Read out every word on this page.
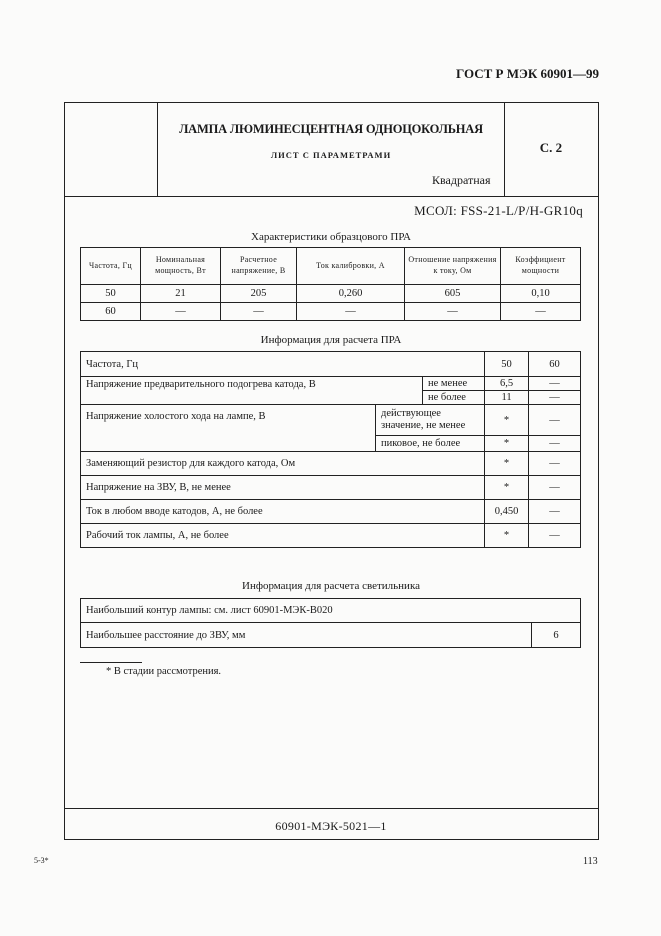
ГОСТ Р МЭК 60901—99
ЛАМПА ЛЮМИНЕСЦЕНТНАЯ ОДНОЦОКОЛЬНАЯ
ЛИСТ С ПАРАМЕТРАМИ
Квадратная
С. 2
МСОЛ: FSS-21-L/P/H-GR10q
Характеристики образцового ПРА
Частота, Гц	Номинальная мощность, Вт	Расчетное напряжение, В	Ток калибровки, А	Отношение напряжения к току, Ом	Коэффициент мощности
50	21	205	0,260	605	0,10
60	—	—	—	—	—
Информация для расчета ПРА
Частота, Гц			50	60
Напряжение предварительного подогрева катода, В		не менее	6,5	—
		не более	11	—
Напряжение холостого хода на лампе, В	действующее значение, не менее		*	—
	пиковое, не более		*	—
Заменяющий резистор для каждого катода, Ом			*	—
Напряжение на ЗВУ, В, не менее			*	—
Ток в любом вводе катодов, А, не более			0,450	—
Рабочий ток лампы, А, не более			*	—
Информация для расчета светильника
Наибольший контур лампы: см. лист 60901-МЭК-В020
Наибольшее расстояние до ЗВУ, мм	6
* В стадии рассмотрения.
60901-МЭК-5021—1
5-3*	113
